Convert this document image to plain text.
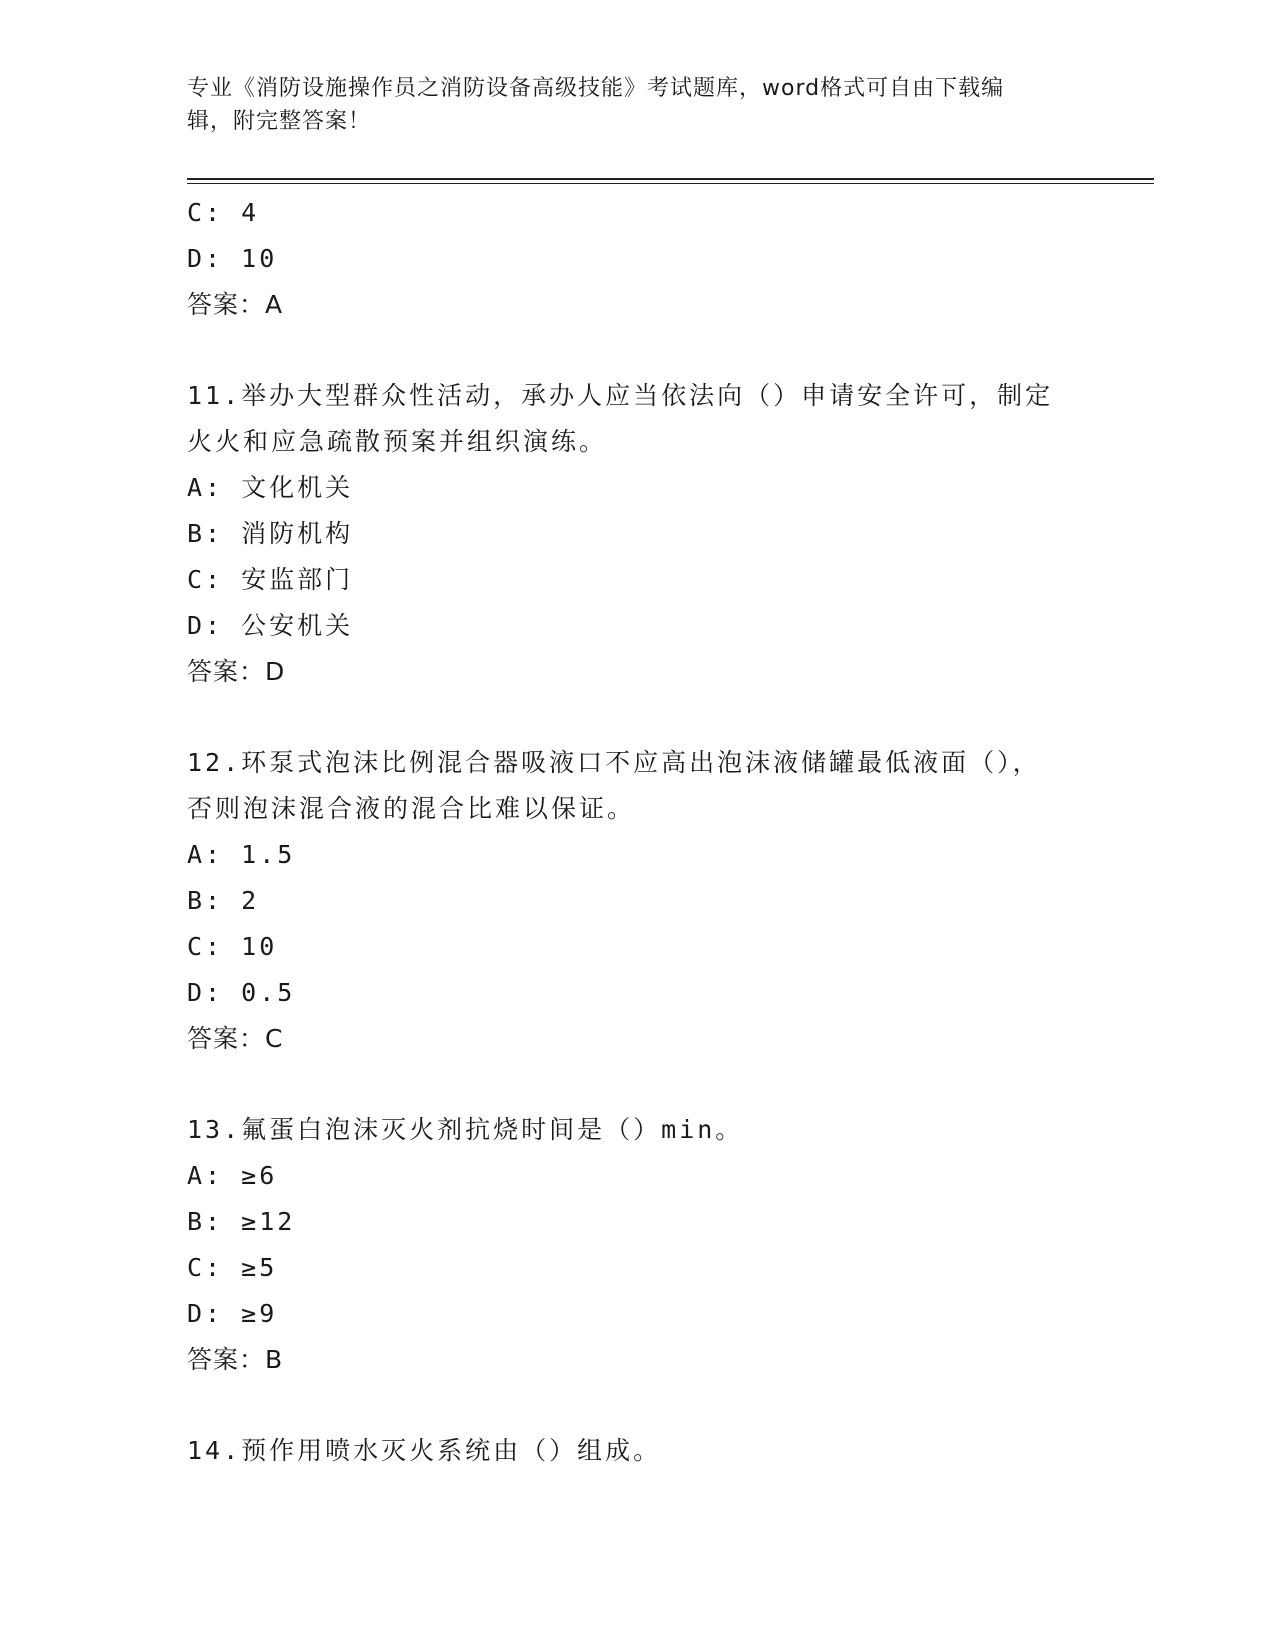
专业《消防设施操作员之消防设备高级技能》考试题库，word格式可自由下载编
辑，附完整答案！
C: 4
D: 10
答案：A
11.举办大型群众性活动，承办人应当依法向（）申请安全许可，制定
火火和应急疏散预案并组织演练。
A: 文化机关
B: 消防机构
C: 安监部门
D: 公安机关
答案：D
12.环泵式泡沫比例混合器吸液口不应高出泡沫液储罐最低液面（），
否则泡沫混合液的混合比难以保证。
A: 1.5
B: 2
C: 10
D: 0.5
答案：C
13.氟蛋白泡沫灭火剂抗烧时间是（）min。
A: ≥6
B: ≥12
C: ≥5
D: ≥9
答案：B
14.预作用喷水灭火系统由（）组成。
